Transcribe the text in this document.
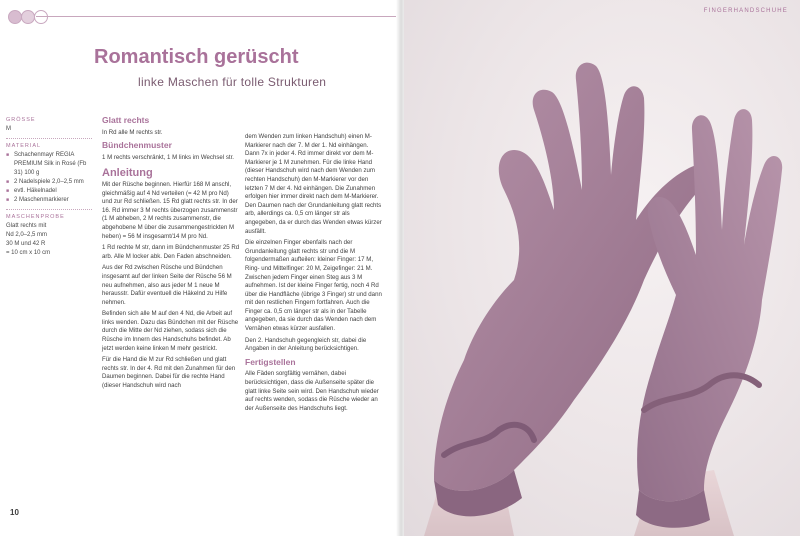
Romantisch gerüscht
linke Maschen für tolle Strukturen

GRÖSSE

M

MATERIAL

■ Schachenmayr REGIA PREMIUM Silk in Rosé (Fb 31) 100 g
■ 2 Nadelspiele 2,0–2,5 mm
■ evtl. Häkelnadel
■ 2 Maschenmarkierer

MASCHENPROBE

Glatt rechts mit

Nd 2,0–2,5 mm

30 M und 42 R

= 10 cm x 10 cm

Glatt rechts

In Rd alle M rechts str.

Bündchenmuster

1 M rechts verschränkt, 1 M links im Wechsel str.

Anleitung

Mit der Rüsche beginnen. Hierfür 168 M anschl, gleichmäßig auf 4 Nd verteilen (= 42 M pro Nd) und zur Rd schließen. 15 Rd glatt rechts str. In der 16. Rd immer 3 M rechts überzogen zusammenstr (1 M abheben, 2 M rechts zusammenstr, die abgehobene M über die zusammengestrickten M heben) = 56 M insgesamt/14 M pro Nd.

1 Rd rechte M str, dann im Bündchenmuster 25 Rd arb. Alle M locker abk. Den Faden abschneiden.

Aus der Rd zwischen Rüsche und Bündchen insgesamt auf der linken Seite der Rüsche 56 M neu aufnehmen, also aus jeder M 1 neue M herausstr. Dafür eventuell die Häkelnd zu Hilfe nehmen.

Befinden sich alle M auf den 4 Nd, die Arbeit auf links wenden. Dazu das Bündchen mit der Rüsche durch die Mitte der Nd ziehen, sodass sich die Rüsche im Innern des Handschuhs befindet. Ab jetzt werden keine linken M mehr gestrickt.

Für die Hand die M zur Rd schließen und glatt rechts str. In der 4. Rd mit den Zunahmen für den Daumen beginnen. Dabei für die rechte Hand (dieser Handschuh wird nach

dem Wenden zum linken Handschuh) einen M-Markierer nach der 7. M der 1. Nd einhängen. Dann 7x in jeder 4. Rd immer direkt vor dem M-Markierer je 1 M zunehmen. Für die linke Hand (dieser Handschuh wird nach dem Wenden zum rechten Handschuh) den M-Markierer vor den letzten 7 M der 4. Nd einhängen. Die Zunahmen erfolgen hier immer direkt nach dem M-Markierer. Den Daumen nach der Grundanleitung glatt rechts arb, allerdings ca. 0,5 cm länger str als angegeben, da er durch das Wenden etwas kürzer ausfällt.

Die einzelnen Finger ebenfalls nach der Grundanleitung glatt rechts str und die M folgendermaßen aufteilen: kleiner Finger: 17 M, Ring- und Mittelfinger: 20 M, Zeigefinger: 21 M. Zwischen jedem Finger einen Steg aus 3 M aufnehmen. Ist der kleine Finger fertig, noch 4 Rd über die Handfläche (übrige 3 Finger) str und dann mit den restlichen Fingern fortfahren. Auch die Finger ca. 0,5 cm länger str als in der Tabelle angegeben, da sie durch das Wenden nach dem Vernähen etwas kürzer ausfallen.

Den 2. Handschuh gegengleich str, dabei die Angaben in der Anleitung berücksichtigen.

Fertigstellen

Alle Fäden sorgfältig vernähen, dabei berücksichtigen, dass die Außenseite später die glatt linke Seite sein wird. Den Handschuh wieder auf rechts wenden, sodass die Rüsche wieder an der Außenseite des Handschuhs liegt.

10
FINGERHANDSCHUHE
